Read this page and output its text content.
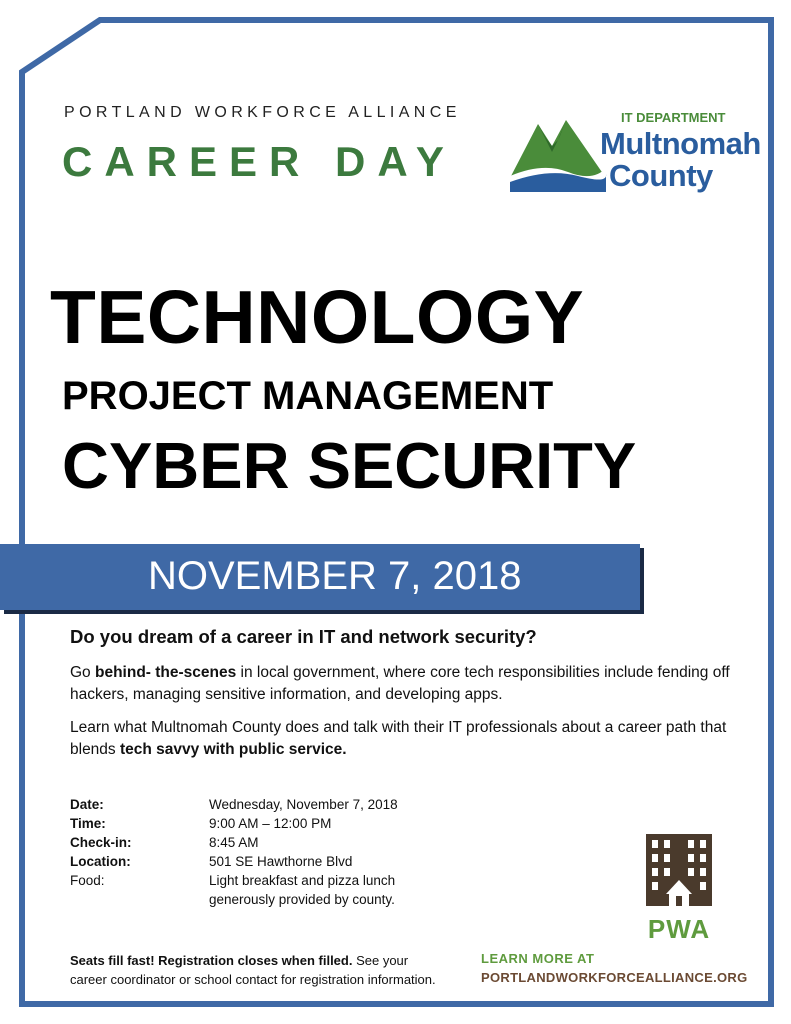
PORTLAND WORKFORCE ALLIANCE
CAREER DAY
IT DEPARTMENT
Multnomah
County
TECHNOLOGY
PROJECT MANAGEMENT
CYBER SECURITY
NOVEMBER 7, 2018
Do you dream of a career in IT and network security?
Go behind- the-scenes in local government, where core tech responsibilities include fending off hackers, managing sensitive information, and developing apps.
Learn what Multnomah County does and talk with their IT professionals about a career path that blends tech savvy with public service.
Date:	Wednesday, November 7, 2018
Time:	9:00 AM – 12:00 PM
Check-in:	8:45 AM
Location:	501 SE Hawthorne Blvd
Food:	Light breakfast and pizza lunch generously provided by county.
PWA
Seats fill fast! Registration closes when filled. See your
career coordinator or school contact for registration information.
LEARN MORE AT
PORTLANDWORKFORCEALLIANCE.ORG
